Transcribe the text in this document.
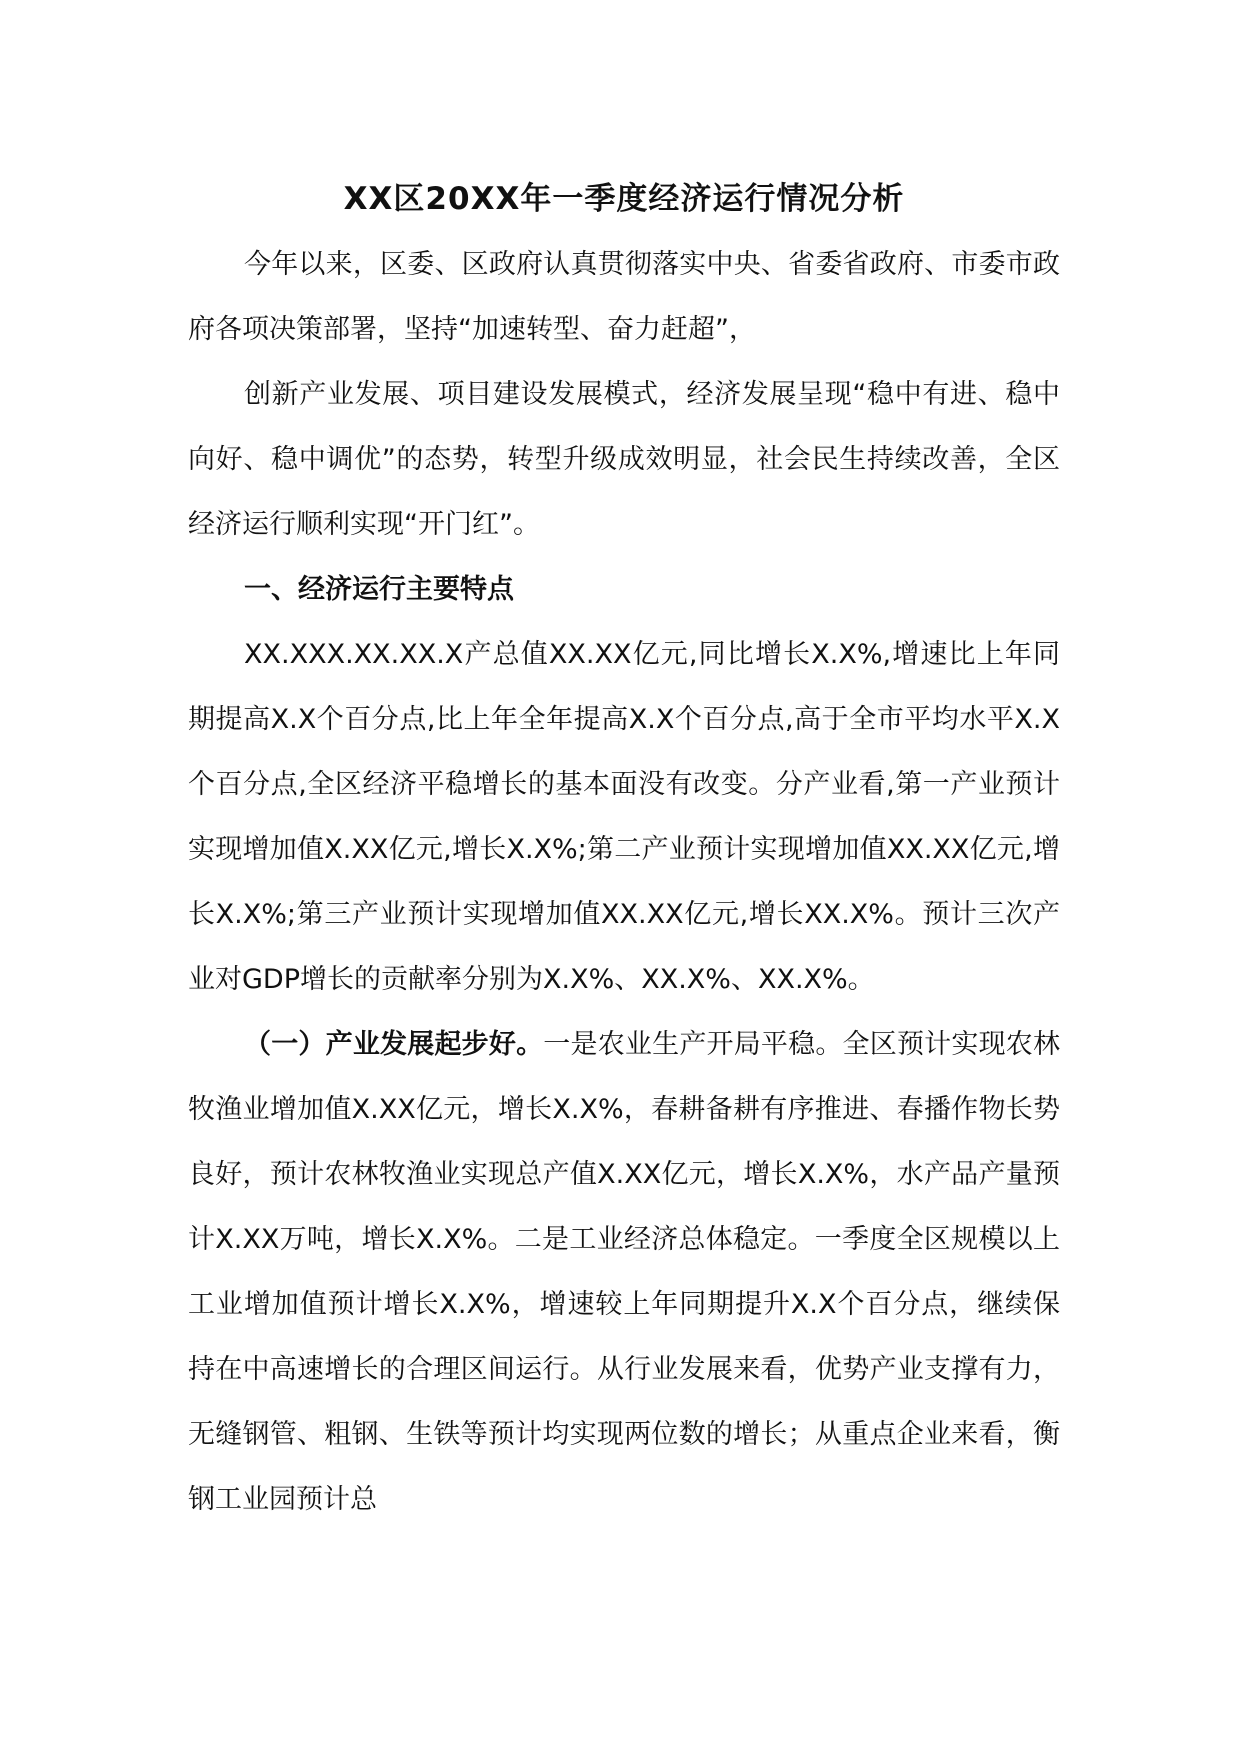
XX区20XX年一季度经济运行情况分析

今年以来，区委、区政府认真贯彻落实中央、省委省政府、市委市政府各项决策部署，坚持“加速转型、奋力赶超”，

创新产业发展、项目建设发展模式，经济发展呈现“稳中有进、稳中向好、稳中调优”的态势，转型升级成效明显，社会民生持续改善，全区经济运行顺利实现“开门红”。

一、经济运行主要特点

XX.XXX.XX.XX.X产总值XX.XX亿元,同比增长X.X%,增速比上年同期提高X.X个百分点,比上年全年提高X.X个百分点,高于全市平均水平X.X个百分点,全区经济平稳增长的基本面没有改变。分产业看,第一产业预计实现增加值X.XX亿元,增长X.X%;第二产业预计实现增加值XX.XX亿元,增长X.X%;第三产业预计实现增加值XX.XX亿元,增长XX.X%。预计三次产业对GDP增长的贡献率分别为X.X%、XX.X%、XX.X%。

（一）产业发展起步好。一是农业生产开局平稳。全区预计实现农林牧渔业增加值X.XX亿元，增长X.X%，春耕备耕有序推进、春播作物长势良好，预计农林牧渔业实现总产值X.XX亿元，增长X.X%，水产品产量预计X.XX万吨，增长X.X%。二是工业经济总体稳定。一季度全区规模以上工业增加值预计增长X.X%，增速较上年同期提升X.X个百分点，继续保持在中高速增长的合理区间运行。从行业发展来看，优势产业支撑有力，无缝钢管、粗钢、生铁等预计均实现两位数的增长；从重点企业来看，衡钢工业园预计总
